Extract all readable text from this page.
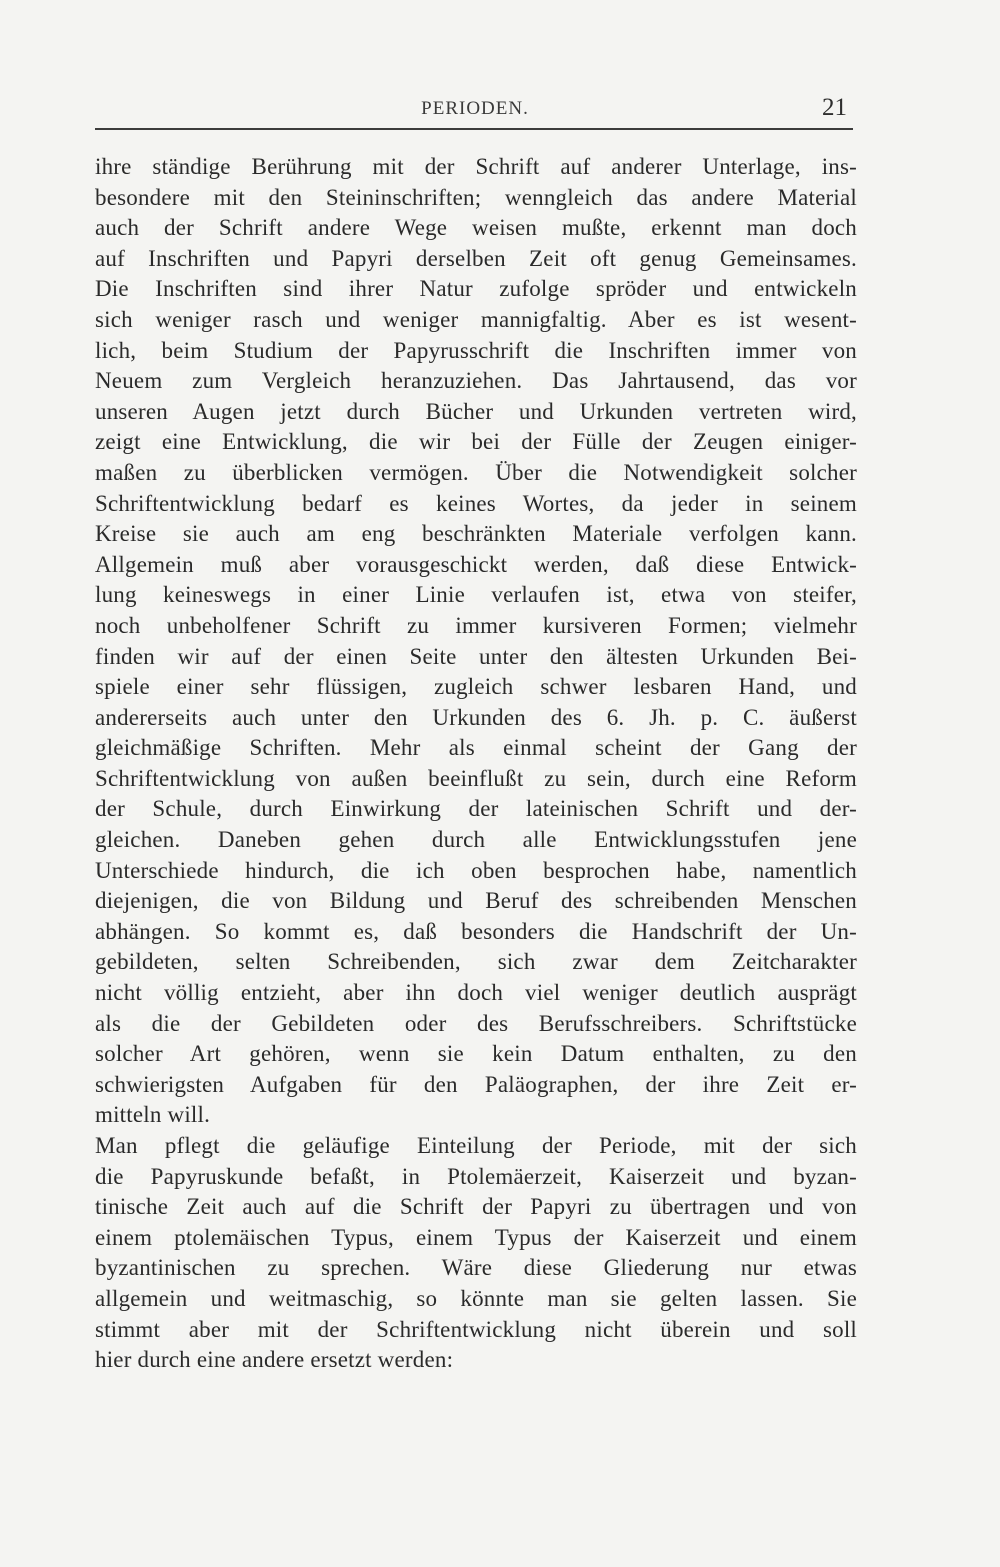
PERIODEN.	21
ihre ständige Berührung mit der Schrift auf anderer Unterlage, ins-
besondere mit den Steininschriften; wenngleich das andere Material
auch der Schrift andere Wege weisen mußte, erkennt man doch
auf Inschriften und Papyri derselben Zeit oft genug Gemeinsames.
Die Inschriften sind ihrer Natur zufolge spröder und entwickeln
sich weniger rasch und weniger mannigfaltig. Aber es ist wesent-
lich, beim Studium der Papyrusschrift die Inschriften immer von
Neuem zum Vergleich heranzuziehen. Das Jahrtausend, das vor
unseren Augen jetzt durch Bücher und Urkunden vertreten wird,
zeigt eine Entwicklung, die wir bei der Fülle der Zeugen einiger-
maßen zu überblicken vermögen. Über die Notwendigkeit solcher
Schriftentwicklung bedarf es keines Wortes, da jeder in seinem
Kreise sie auch am eng beschränkten Materiale verfolgen kann.
Allgemein muß aber vorausgeschickt werden, daß diese Entwick-
lung keineswegs in einer Linie verlaufen ist, etwa von steifer,
noch unbeholfener Schrift zu immer kursiveren Formen; vielmehr
finden wir auf der einen Seite unter den ältesten Urkunden Bei-
spiele einer sehr flüssigen, zugleich schwer lesbaren Hand, und
andererseits auch unter den Urkunden des 6. Jh. p. C. äußerst
gleichmäßige Schriften. Mehr als einmal scheint der Gang der
Schriftentwicklung von außen beeinflußt zu sein, durch eine Reform
der Schule, durch Einwirkung der lateinischen Schrift und der-
gleichen. Daneben gehen durch alle Entwicklungsstufen jene
Unterschiede hindurch, die ich oben besprochen habe, namentlich
diejenigen, die von Bildung und Beruf des schreibenden Menschen
abhängen. So kommt es, daß besonders die Handschrift der Un-
gebildeten, selten Schreibenden, sich zwar dem Zeitcharakter
nicht völlig entzieht, aber ihn doch viel weniger deutlich ausprägt
als die der Gebildeten oder des Berufsschreibers. Schriftstücke
solcher Art gehören, wenn sie kein Datum enthalten, zu den
schwierigsten Aufgaben für den Paläographen, der ihre Zeit er-
mitteln will.
Man pflegt die geläufige Einteilung der Periode, mit der sich
die Papyruskunde befaßt, in Ptolemäerzeit, Kaiserzeit und byzan-
tinische Zeit auch auf die Schrift der Papyri zu übertragen und von
einem ptolemäischen Typus, einem Typus der Kaiserzeit und einem
byzantinischen zu sprechen. Wäre diese Gliederung nur etwas
allgemein und weitmaschig, so könnte man sie gelten lassen. Sie
stimmt aber mit der Schriftentwicklung nicht überein und soll
hier durch eine andere ersetzt werden:
